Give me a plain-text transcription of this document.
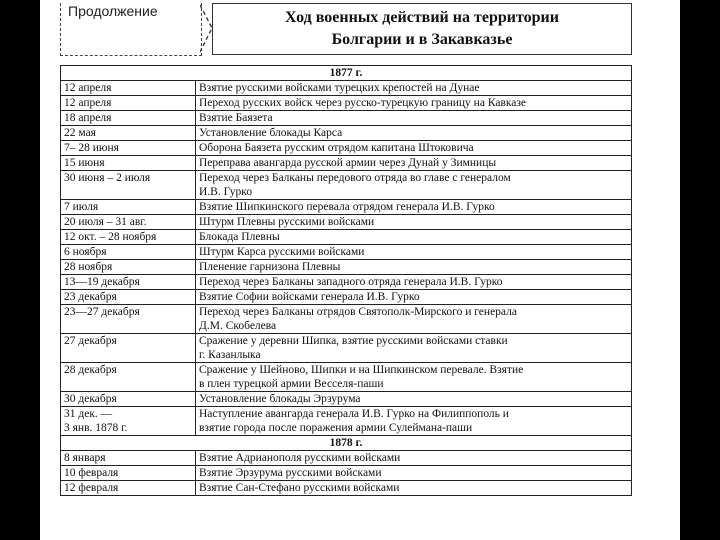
Продолжение	Ход военных действий на территории
Болгарии и в Закавказье
1877 г.	

12 апреля	Взятие русскими войсками турецких крепостей на Дунае

12 апреля	Переход русских войск через русско-турецкую границу на Кавказе

18 апреля	Взятие Баязета

22 мая	Установление блокады Карса

7– 28 июня	Оборона Баязета русским отрядом капитана Штоковича

15 июня	Переправа авангарда русской армии через Дунай у Зимницы

30 июня – 2 июля	Переход через Балканы передового отряда во главе с генералом
И.В. Гурко

7 июля	Взятие Шипкинского перевала отрядом генерала И.В. Гурко

20 июля – 31 авг.	Штурм Плевны русскими войсками

12 окт. – 28 ноября	Блокада Плевны

6 ноября	Штурм Карса русскими войсками

28 ноября	Пленение гарнизона Плевны

13—19 декабря	Переход через Балканы западного отряда генерала И.В. Гурко

23 декабря	Взятие Софии войсками генерала И.В. Гурко

23—27 декабря	Переход через Балканы отрядов Святополк-Мирского и генерала
Д.М. Скобелева

27 декабря	Сражение у деревни Шипка, взятие русскими войсками ставки
г. Казанлыка

28 декабря	Сражение у Шейново, Шипки и на Шипкинском перевале. Взятие
в плен турецкой армии Весселя-паши

30 декабря	Установление блокады Эрзурума

31 дек. —
3 янв. 1878 г.	Наступление авангарда генерала И.В. Гурко на Филиппополь и
взятие города после поражения армии Сулеймана-паши

1878 г.	

8 января	Взятие Адрианополя русскими войсками

10 февраля	Взятие Эрзурума русскими войсками

12 февраля	Взятие Сан-Стефано русскими войсками
